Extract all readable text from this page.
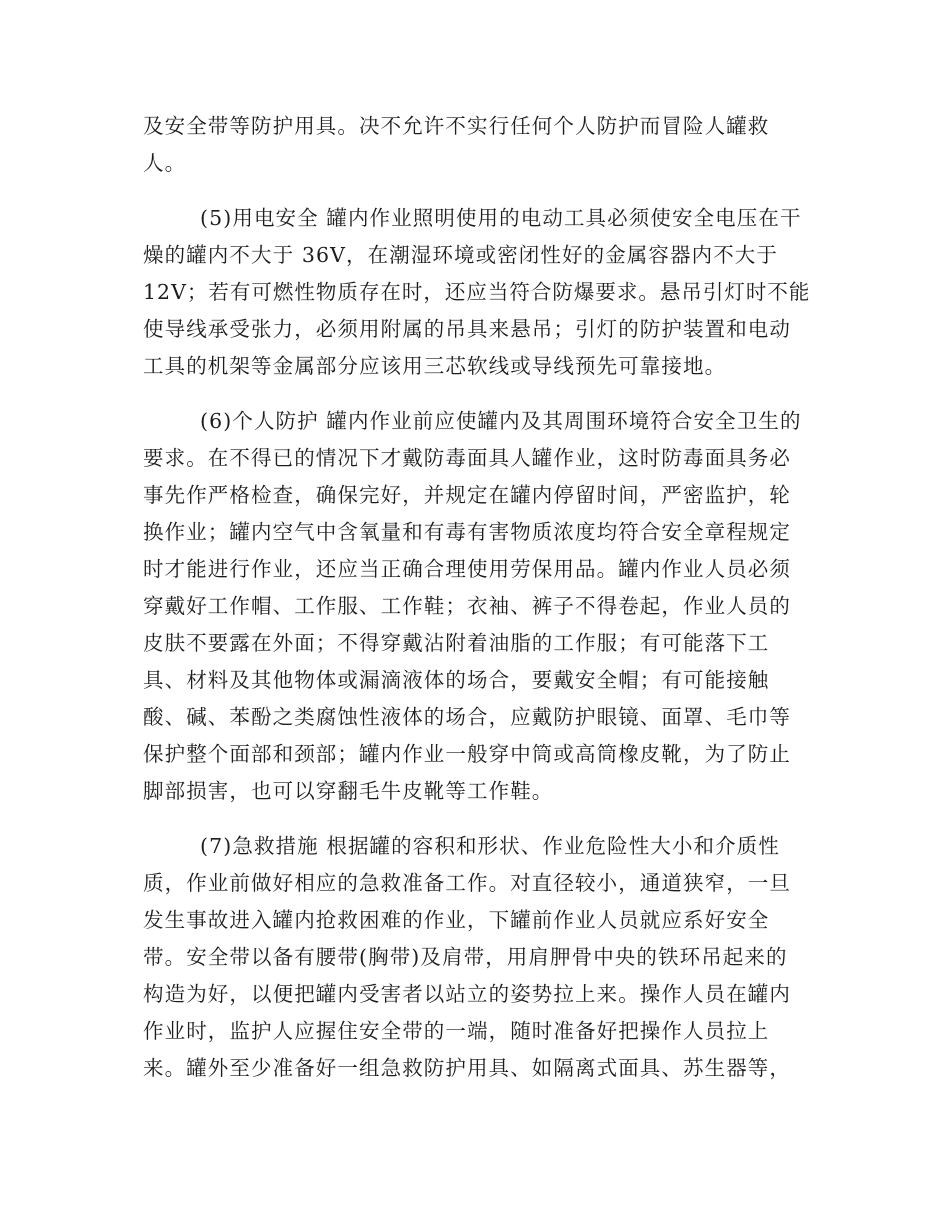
及安全带等防护用具。决不允许不实行任何个人防护而冒险人罐救
人。
(5)用电安全 罐内作业照明使用的电动工具必须使安全电压在干
燥的罐内不大于 36V，在潮湿环境或密闭性好的金属容器内不大于
12V；若有可燃性物质存在时，还应当符合防爆要求。悬吊引灯时不能
使导线承受张力，必须用附属的吊具来悬吊；引灯的防护装置和电动
工具的机架等金属部分应该用三芯软线或导线预先可靠接地。
(6)个人防护 罐内作业前应使罐内及其周围环境符合安全卫生的
要求。在不得已的情况下才戴防毒面具人罐作业，这时防毒面具务必
事先作严格检查，确保完好，并规定在罐内停留时间，严密监护，轮
换作业；罐内空气中含氧量和有毒有害物质浓度均符合安全章程规定
时才能进行作业，还应当正确合理使用劳保用品。罐内作业人员必须
穿戴好工作帽、工作服、工作鞋；衣袖、裤子不得卷起，作业人员的
皮肤不要露在外面；不得穿戴沾附着油脂的工作服；有可能落下工
具、材料及其他物体或漏滴液体的场合，要戴安全帽；有可能接触
酸、碱、苯酚之类腐蚀性液体的场合，应戴防护眼镜、面罩、毛巾等
保护整个面部和颈部；罐内作业一般穿中筒或高筒橡皮靴，为了防止
脚部损害，也可以穿翻毛牛皮靴等工作鞋。
(7)急救措施 根据罐的容积和形状、作业危险性大小和介质性
质，作业前做好相应的急救准备工作。对直径较小，通道狭窄，一旦
发生事故进入罐内抢救困难的作业，下罐前作业人员就应系好安全
带。安全带以备有腰带(胸带)及肩带，用肩胛骨中央的铁环吊起来的
构造为好，以便把罐内受害者以站立的姿势拉上来。操作人员在罐内
作业时，监护人应握住安全带的一端，随时准备好把操作人员拉上
来。罐外至少准备好一组急救防护用具、如隔离式面具、苏生器等，
